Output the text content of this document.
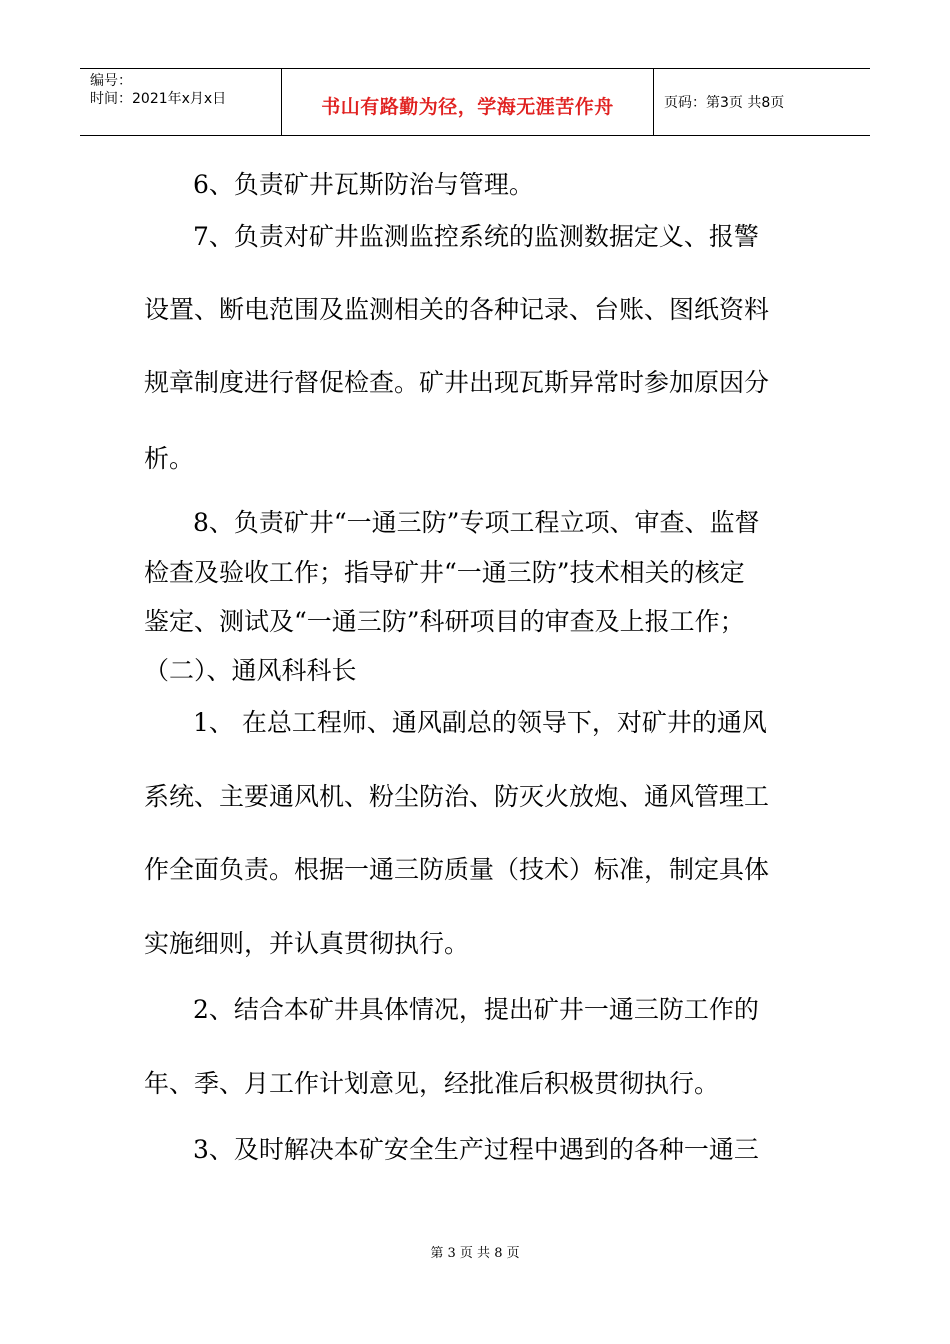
编号：
时间：2021年x月x日	书山有路勤为径，学海无涯苦作舟	页码：第3页 共8页

6、负责矿井瓦斯防治与管理。

7、负责对矿井监测监控系统的监测数据定义、报警

设置、断电范围及监测相关的各种记录、台账、图纸资料

规章制度进行督促检查。矿井出现瓦斯异常时参加原因分

析。

8、负责矿井“一通三防”专项工程立项、审查、监督

检查及验收工作；指导矿井“一通三防”技术相关的核定

鉴定、测试及“一通三防”科研项目的审查及上报工作；

（二）、通风科科长

1、 在总工程师、通风副总的领导下，对矿井的通风

系统、主要通风机、粉尘防治、防灭火放炮、通风管理工

作全面负责。根据一通三防质量（技术）标准，制定具体

实施细则，并认真贯彻执行。

2、结合本矿井具体情况，提出矿井一通三防工作的

年、季、月工作计划意见，经批准后积极贯彻执行。

3、及时解决本矿安全生产过程中遇到的各种一通三

第 3 页 共 8 页
